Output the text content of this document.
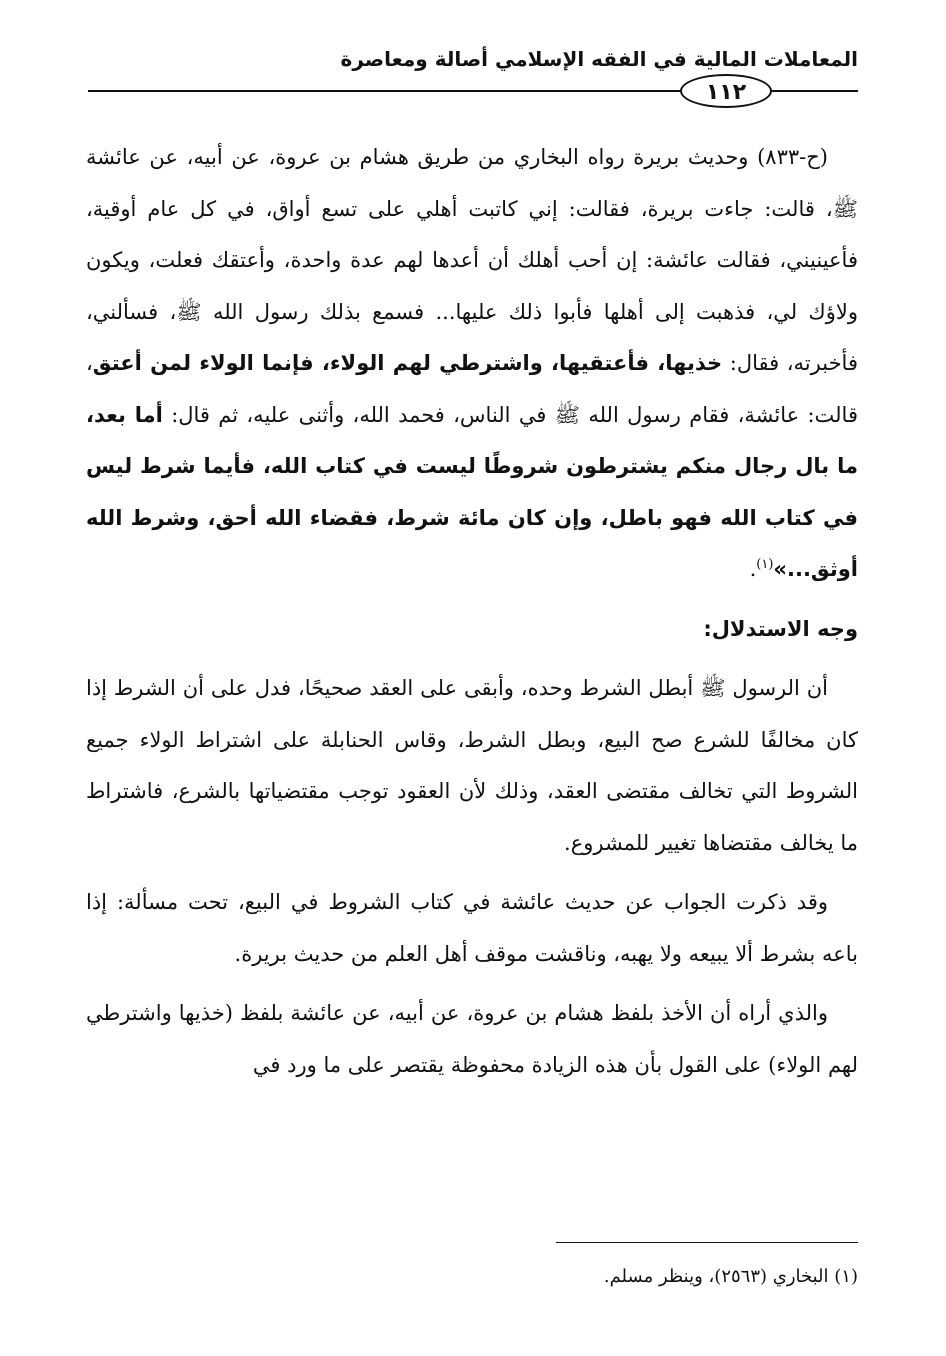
المعاملات المالية في الفقه الإسلامي أصالة ومعاصرة
١١٢

(ح-٨٣٣) وحديث بريرة رواه البخاري من طريق هشام بن عروة، عن أبيه، عن عائشة ﷺ، قالت: جاءت بريرة، فقالت: إني كاتبت أهلي على تسع أواق، في كل عام أوقية، فأعينيني، فقالت عائشة: إن أحب أهلك أن أعدها لهم عدة واحدة، وأعتقك فعلت، ويكون ولاؤك لي، فذهبت إلى أهلها فأبوا ذلك عليها... فسمع بذلك رسول الله ﷺ، فسألني، فأخبرته، فقال: خذيها، فأعتقيها، واشترطي لهم الولاء، فإنما الولاء لمن أعتق، قالت: عائشة، فقام رسول الله ﷺ في الناس، فحمد الله، وأثنى عليه، ثم قال: أما بعد، ما بال رجال منكم يشترطون شروطًا ليست في كتاب الله، فأيما شرط ليس في كتاب الله فهو باطل، وإن كان مائة شرط، فقضاء الله أحق، وشرط الله أوثق...»$^{(١)}$.

وجه الاستدلال:

أن الرسول ﷺ أبطل الشرط وحده، وأبقى على العقد صحيحًا، فدل على أن الشرط إذا كان مخالفًا للشرع صح البيع، وبطل الشرط، وقاس الحنابلة على اشتراط الولاء جميع الشروط التي تخالف مقتضى العقد، وذلك لأن العقود توجب مقتضياتها بالشرع، فاشتراط ما يخالف مقتضاها تغيير للمشروع.

وقد ذكرت الجواب عن حديث عائشة في كتاب الشروط في البيع، تحت مسألة: إذا باعه بشرط ألا يبيعه ولا يهبه، وناقشت موقف أهل العلم من حديث بريرة.

والذي أراه أن الأخذ بلفظ هشام بن عروة، عن أبيه، عن عائشة بلفظ (خذيها واشترطي لهم الولاء) على القول بأن هذه الزيادة محفوظة يقتصر على ما ورد في

(١) البخاري (٢٥٦٣)، وينظر مسلم.
